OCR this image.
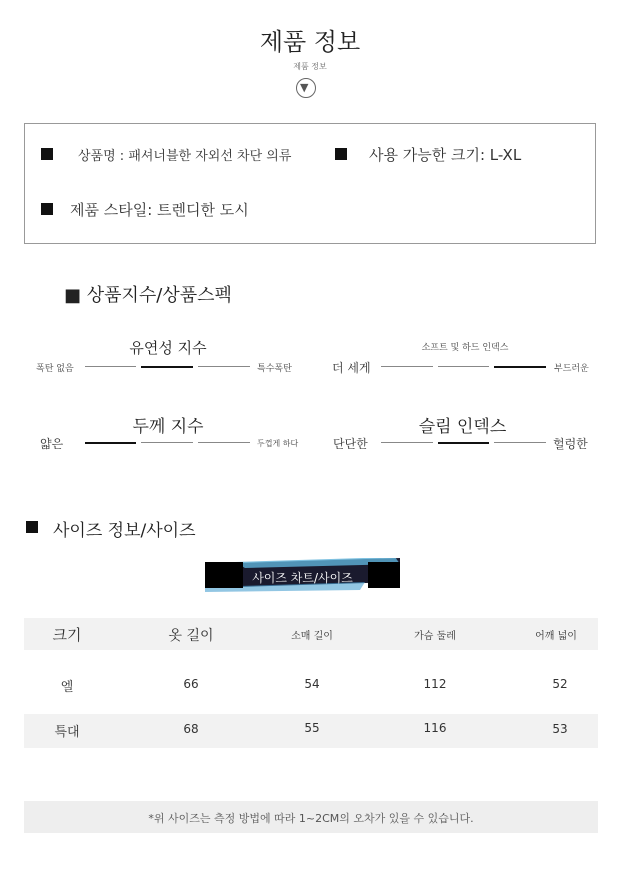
제품 정보
제품 정보
▼
상품명 : 패셔너블한 자외선 차단 의류	사용 가능한 크기: L-XL
제품 스타일: 트렌디한 도시
■ 상품지수/상품스펙
유연성 지수
폭탄 없음	특수폭탄
소프트 및 하드 인덱스
더 세게	부드러운
두께 지수
얇은	두껍게 하다
슬림 인덱스
단단한	헐렁한
사이즈 정보/사이즈
사이즈 차트/사이즈
크기	옷 길이	소매 길이	가슴 둘레	어깨 넓이
엘	66	54	112	52
특대	68	55	116	53
*위 사이즈는 측정 방법에 따라 1~2CM의 오차가 있을 수 있습니다.
